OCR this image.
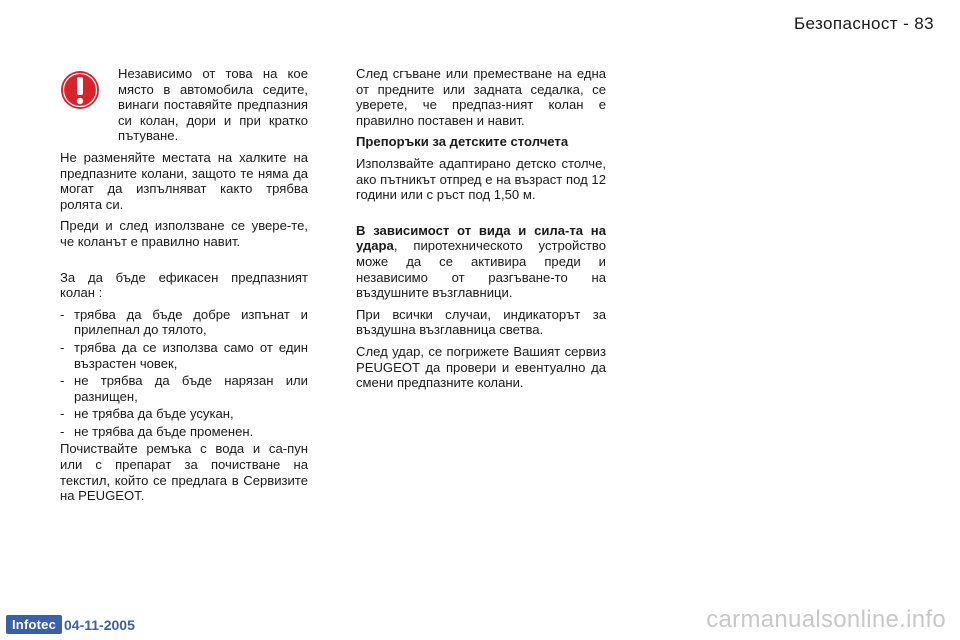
Безопасност - 83

Независимо от това на кое място в автомобила седите, винаги поставяйте предпазния си колан, дори и при кратко пътуване.

Не разменяйте местата на халките на предпазните колани, защото те няма да могат да изпълняват както трябва ролята си.

Преди и след използване се увере-те, че коланът е правилно навит.

За да бъде ефикасен предпазният колан :

- трябва да бъде добре изпънат и прилепнал до тялото,
- трябва да се използва само от един възрастен човек,
- не трябва да бъде нарязан или разнищен,
- не трябва да бъде усукан,
- не трябва да бъде променен.

Почиствайте ремъка с вода и са-пун или с препарат за почистване на текстил, който се предлага в Сервизите на PEUGEOT.

След сгъване или преместване на една от предните или задната седалка, се уверете, че предпаз-ният колан е правилно поставен и навит.

Препоръки за детските столчета

Използвайте адаптирано детско столче, ако пътникът отпред е на възраст под 12 години или с ръст под 1,50 м.

В зависимост от вида и сила-та на удара, пиротехническото устройство може да се активира преди и независимо от разгъване-то на въздушните възглавници.

При всички случаи, индикаторът за въздушна възглавница светва.

След удар, се погрижете Вашият сервиз PEUGEOT да провери и евентуално да смени предпазните колани.

Infotec 04-11-2005	carmanualsonline.info
